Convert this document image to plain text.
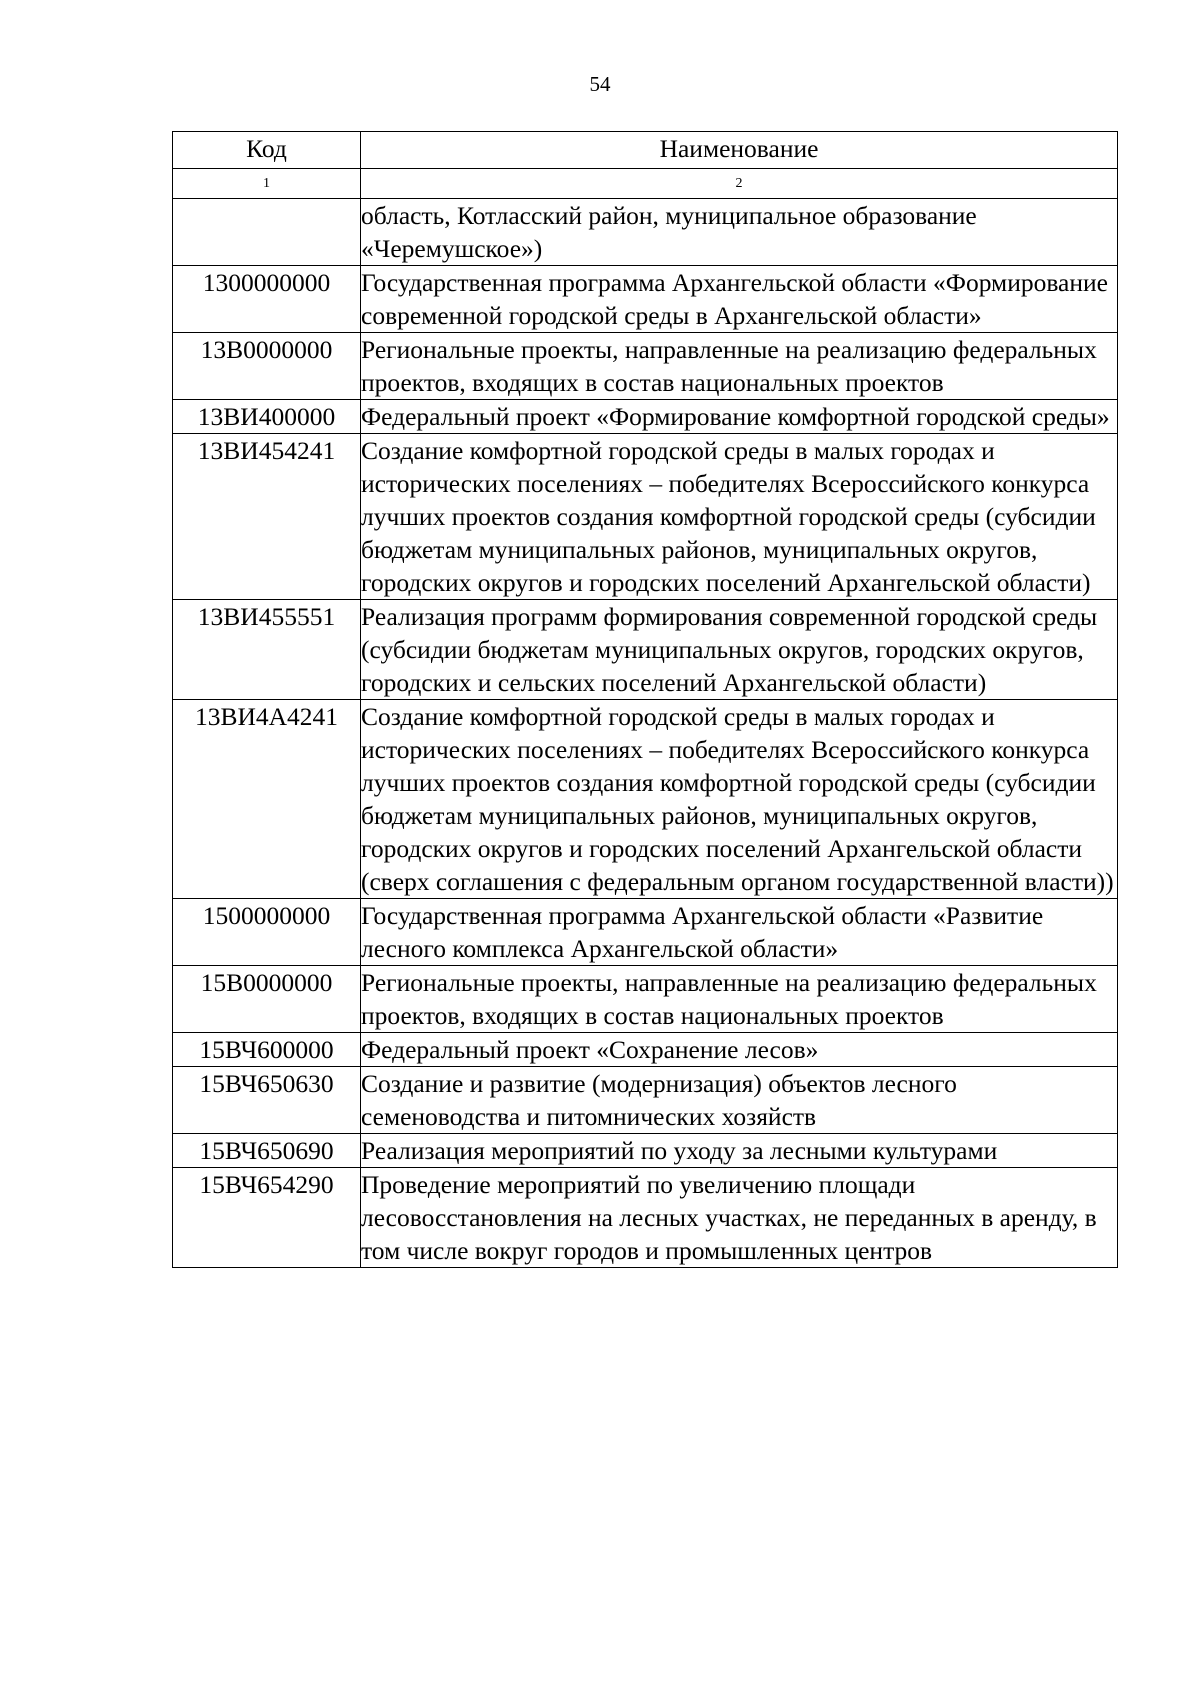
54
Код	Наименование
1	2
	область, Котласский район, муниципальное образование «Черемушское»)
1300000000	Государственная программа Архангельской области «Формирование современной городской среды в Архангельской области»
13В0000000	Региональные проекты, направленные на реализацию федеральных проектов, входящих в состав национальных проектов
13ВИ400000	Федеральный проект «Формирование комфортной городской среды»
13ВИ454241	Создание комфортной городской среды в малых городах и исторических поселениях – победителях Всероссийского конкурса лучших проектов создания комфортной городской среды (субсидии бюджетам муниципальных районов, муниципальных округов, городских округов и городских поселений Архангельской области)
13ВИ455551	Реализация программ формирования современной городской среды (субсидии бюджетам муниципальных округов, городских округов, городских и сельских поселений Архангельской области)
13ВИ4А4241	Создание комфортной городской среды в малых городах и исторических поселениях – победителях Всероссийского конкурса лучших проектов создания комфортной городской среды (субсидии бюджетам муниципальных районов, муниципальных округов, городских округов и городских поселений Архангельской области (сверх соглашения с федеральным органом государственной власти))
1500000000	Государственная программа Архангельской области «Развитие лесного комплекса Архангельской области»
15В0000000	Региональные проекты, направленные на реализацию федеральных проектов, входящих в состав национальных проектов
15ВЧ600000	Федеральный проект «Сохранение лесов»
15ВЧ650630	Создание и развитие (модернизация) объектов лесного семеноводства и питомнических хозяйств
15ВЧ650690	Реализация мероприятий по уходу за лесными культурами
15ВЧ654290	Проведение мероприятий по увеличению площади лесовосстановления на лесных участках, не переданных в аренду, в том числе вокруг городов и промышленных центров
